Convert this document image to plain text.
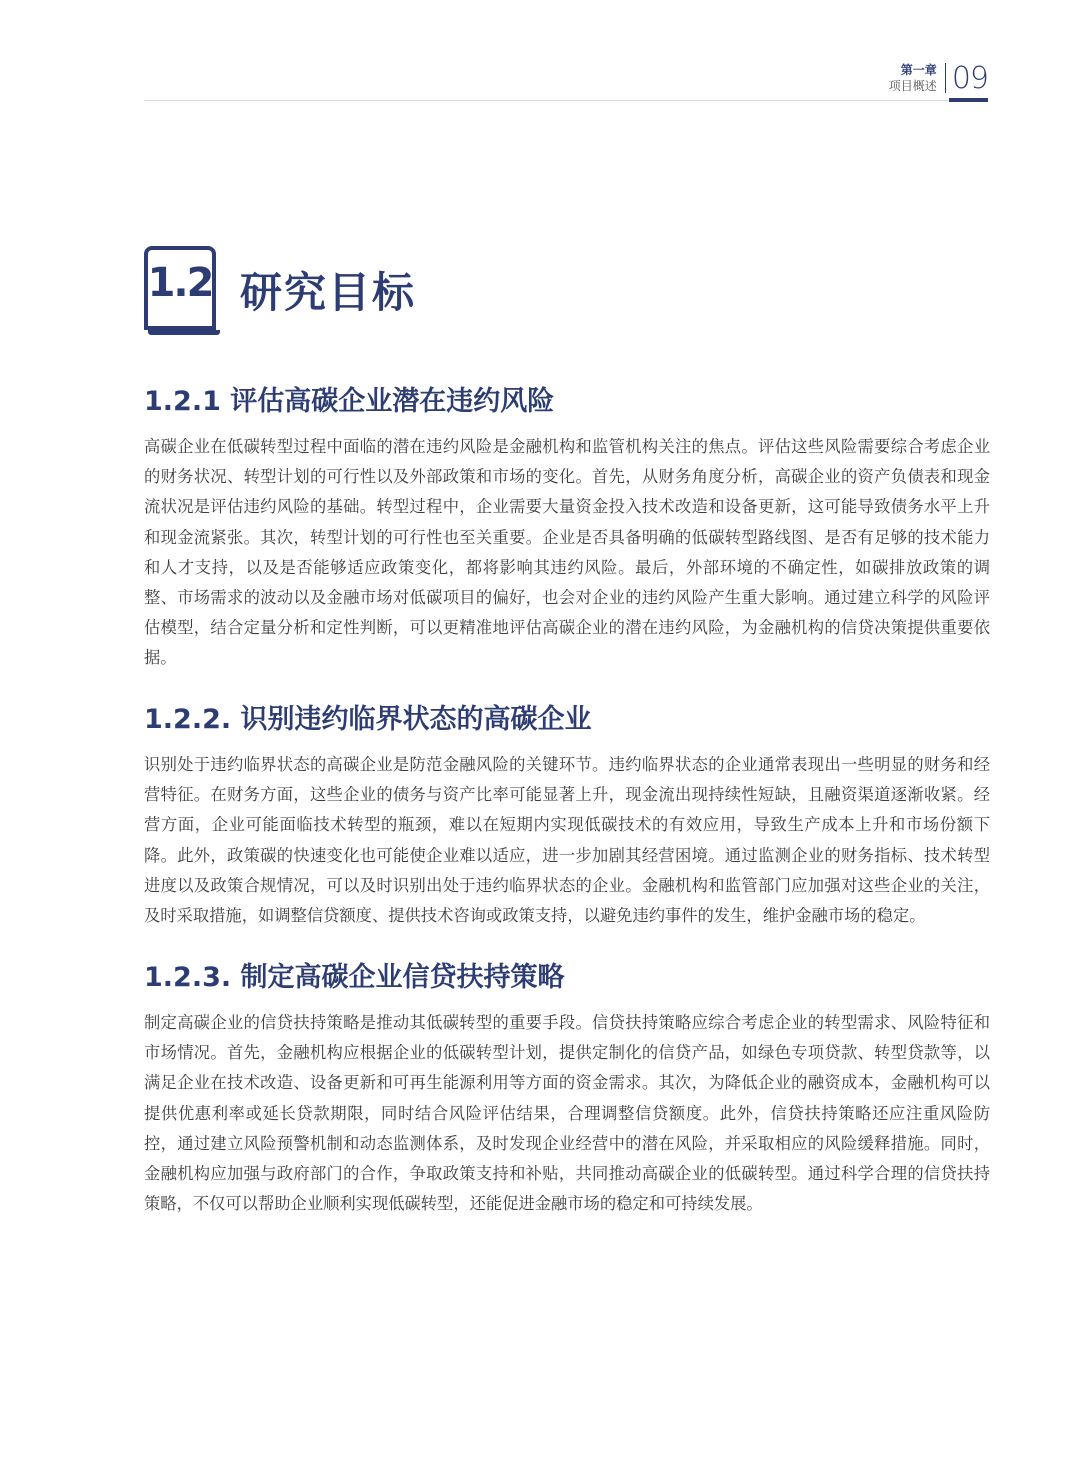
第一章
项目概述 09
1.2 研究目标
1.2.1 评估高碳企业潜在违约风险

高碳企业在低碳转型过程中面临的潜在违约风险是金融机构和监管机构关注的焦点。评估这些风险需要综合考虑企业的财务状况、转型计划的可行性以及外部政策和市场的变化。首先，从财务角度分析，高碳企业的资产负债表和现金流状况是评估违约风险的基础。转型过程中，企业需要大量资金投入技术改造和设备更新，这可能导致债务水平上升和现金流紧张。其次，转型计划的可行性也至关重要。企业是否具备明确的低碳转型路线图、是否有足够的技术能力和人才支持，以及是否能够适应政策变化，都将影响其违约风险。最后，外部环境的不确定性，如碳排放政策的调整、市场需求的波动以及金融市场对低碳项目的偏好，也会对企业的违约风险产生重大影响。通过建立科学的风险评估模型，结合定量分析和定性判断，可以更精准地评估高碳企业的潜在违约风险，为金融机构的信贷决策提供重要依据。

1.2.2. 识别违约临界状态的高碳企业

识别处于违约临界状态的高碳企业是防范金融风险的关键环节。违约临界状态的企业通常表现出一些明显的财务和经营特征。在财务方面，这些企业的债务与资产比率可能显著上升，现金流出现持续性短缺，且融资渠道逐渐收紧。经营方面，企业可能面临技术转型的瓶颈，难以在短期内实现低碳技术的有效应用，导致生产成本上升和市场份额下降。此外，政策碳的快速变化也可能使企业难以适应，进一步加剧其经营困境。通过监测企业的财务指标、技术转型进度以及政策合规情况，可以及时识别出处于违约临界状态的企业。金融机构和监管部门应加强对这些企业的关注，及时采取措施，如调整信贷额度、提供技术咨询或政策支持，以避免违约事件的发生，维护金融市场的稳定。

1.2.3. 制定高碳企业信贷扶持策略

制定高碳企业的信贷扶持策略是推动其低碳转型的重要手段。信贷扶持策略应综合考虑企业的转型需求、风险特征和市场情况。首先，金融机构应根据企业的低碳转型计划，提供定制化的信贷产品，如绿色专项贷款、转型贷款等，以满足企业在技术改造、设备更新和可再生能源利用等方面的资金需求。其次，为降低企业的融资成本，金融机构可以提供优惠利率或延长贷款期限，同时结合风险评估结果，合理调整信贷额度。此外，信贷扶持策略还应注重风险防控，通过建立风险预警机制和动态监测体系，及时发现企业经营中的潜在风险，并采取相应的风险缓释措施。同时，金融机构应加强与政府部门的合作，争取政策支持和补贴，共同推动高碳企业的低碳转型。通过科学合理的信贷扶持策略，不仅可以帮助企业顺利实现低碳转型，还能促进金融市场的稳定和可持续发展。
